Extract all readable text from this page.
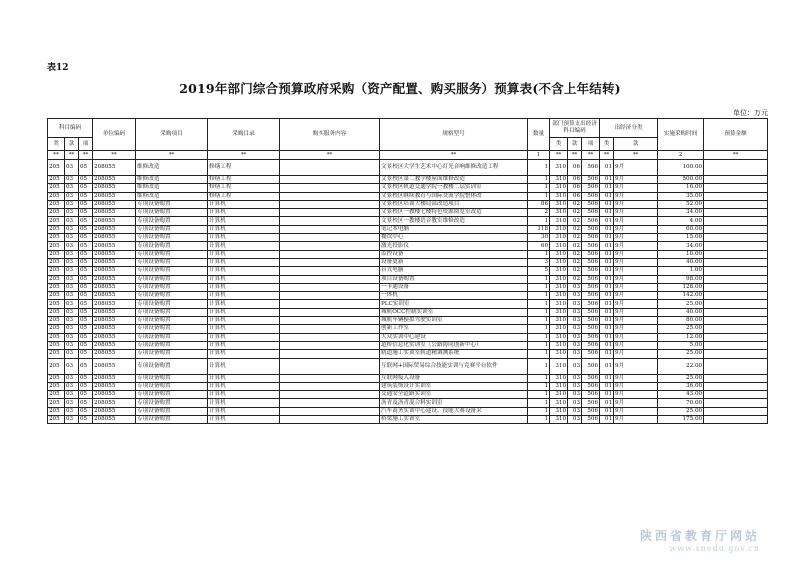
表12
2019年部门综合预算政府采购（资产配置、购买服务）预算表(不含上年结转)
单位：万元
科目编码			单位编码	采购项目	采购目录	购买服务内容	规格型号	数量	部门预算支出经济科目编码			出经济分类		实施采购时间	预算金额	
类	款	项							类	款	项	类	款			
**	**	**	**	**	**	**	**	1	**	**	**	**	**	2	**	
205	03	05	208055	维修改造	修缮工程		文景校区大学生艺术中心灯光音响维修改造工程	1	310	06	506	01	9月	100.00		
205	03	05	208055	维修改造	修缮工程		文景校区第二教学楼屋面维修改造	1	310	06	506	01	9月	500.00		
205	03	05	208055	维修改造	修缮工程		文景校区轨道交通学院一教楼二层实训室	1	310	06	506	01	9月	16.00		
205	03	05	208055	维修改造	修缮工程		文景校区继续教育与国际交流学院整体改	1	310	06	506	01	9月	35.00		
205	03	05	208055	专项设备购置	计算机		文景校区培训大楼局部改造项目	86	310	02	506	01	9月	52.00		
205	03	05	208055	专项设备购置	计算机		文景校区一教楼七楼特色资源阅览室改造	2	310	02	506	01	9月	34.00		
205	03	05	208055	专项设备购置	计算机		文景校区一教楼语音教室维修改造	1	310	02	506	01	9月	4.00		
205	03	05	208055	专项设备购置	计算机		笔记本电脑	118	310	02	506	01	9月	60.00		
205	03	05	208055	专项设备购置	计算机		餐饮中心	30	310	02	506	01	9月	15.00		
205	03	05	208055	专项设备购置	计算机		激光投影仪	60	310	02	506	01	9月	34.00		
205	03	05	208055	专项设备购置	计算机		监控设备	1	310	02	506	01	9月	10.00		
205	03	05	208055	专项设备购置	计算机		设备更新	3	310	02	506	01	9月	40.00		
205	03	05	208055	专项设备购置	计算机		台式电脑	5	310	02	506	01	9月	1.00		
205	03	05	208055	专项设备购置	计算机		项目设备购置	1	310	02	506	01	9月	98.00		
205	03	05	208055	专项设备购置	计算机		一卡通设备	1	310	03	506	01	9月	128.00		
205	03	05	208055	专项设备购置	计算机		一体机	1	310	03	506	01	9月	142.00		
205	03	05	208055	专项设备购置	计算机		PLC实训室	1	310	03	506	01	9月	25.00		
205	03	05	208055	专项设备购置	计算机		城轨OCC控制实训室	1	310	03	506	01	9月	40.00		
205	03	05	208055	专项设备购置	计算机		城轨车辆模拟驾驶实训室	1	310	03	506	01	9月	80.00		
205	03	05	208055	专项设备购置	计算机		创新工作室	1	310	03	506	01	9月	25.00		
205	03	05	208055	专项设备购置	计算机		大众实训中心建设	1	310	03	506	01	9月	12.00		
205	03	05	208055	专项设备购置	计算机		道桥信息化实训室（公路协同创新中心）	1	310	03	506	01	9月	5.00		
205	03	05	208055	专项设备购置	计算机		轨道施工实训室轨道精调测系统	1	310	03	506	01	9月	25.00		
205	03	05	208055	专项设备购置	计算机		互联网+国际贸易综合技能实训与竞赛平台软件	1	310	03	506	01	9月	22.00		
205	03	05	208055	专项设备购置	计算机		互联网接入设备	1	310	03	506	01	9月	25.00		
205	03	05	208055	专项设备购置	计算机		建筑装饰设计实训室	1	310	03	506	01	9月	36.00		
205	03	05	208055	专项设备购置	计算机		交通安全道路实训室	1	310	03	506	01	9月	43.00		
205	03	05	208055	专项设备购置	计算机		沥青及沥青混合料实训室	1	310	03	506	01	9月	70.00		
205	03	05	208055	专项设备购置	计算机		汽车商务实训中心建设、技能大赛设备采	1	310	03	506	01	9月	25.00		
205	03	05	208055	专项设备购置	计算机		桥梁施工实训室	1	310	03	506	01	9月	175.00		
陕西省教育厅网站
www.snedu.gov.cn
